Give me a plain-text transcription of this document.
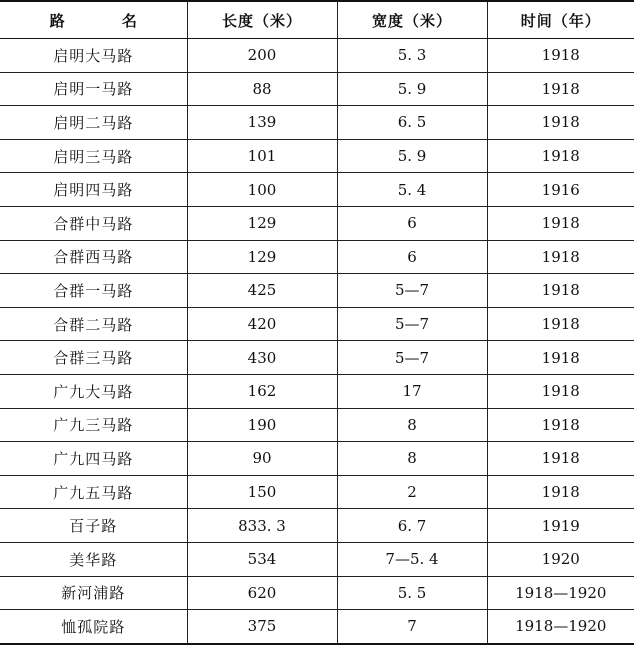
路 名	长度（米）	宽度（米）	时间（年）
启明大马路	200	5. 3	1918
启明一马路	88	5. 9	1918
启明二马路	139	6. 5	1918
启明三马路	101	5. 9	1918
启明四马路	100	5. 4	1916
合群中马路	129	6	1918
合群西马路	129	6	1918
合群一马路	425	5—7	1918
合群二马路	420	5—7	1918
合群三马路	430	5—7	1918
广九大马路	162	17	1918
广九三马路	190	8	1918
广九四马路	90	8	1918
广九五马路	150	2	1918
百子路	833. 3	6. 7	1919
美华路	534	7—5. 4	1920
新河浦路	620	5. 5	1918—1920
恤孤院路	375	7	1918—1920
